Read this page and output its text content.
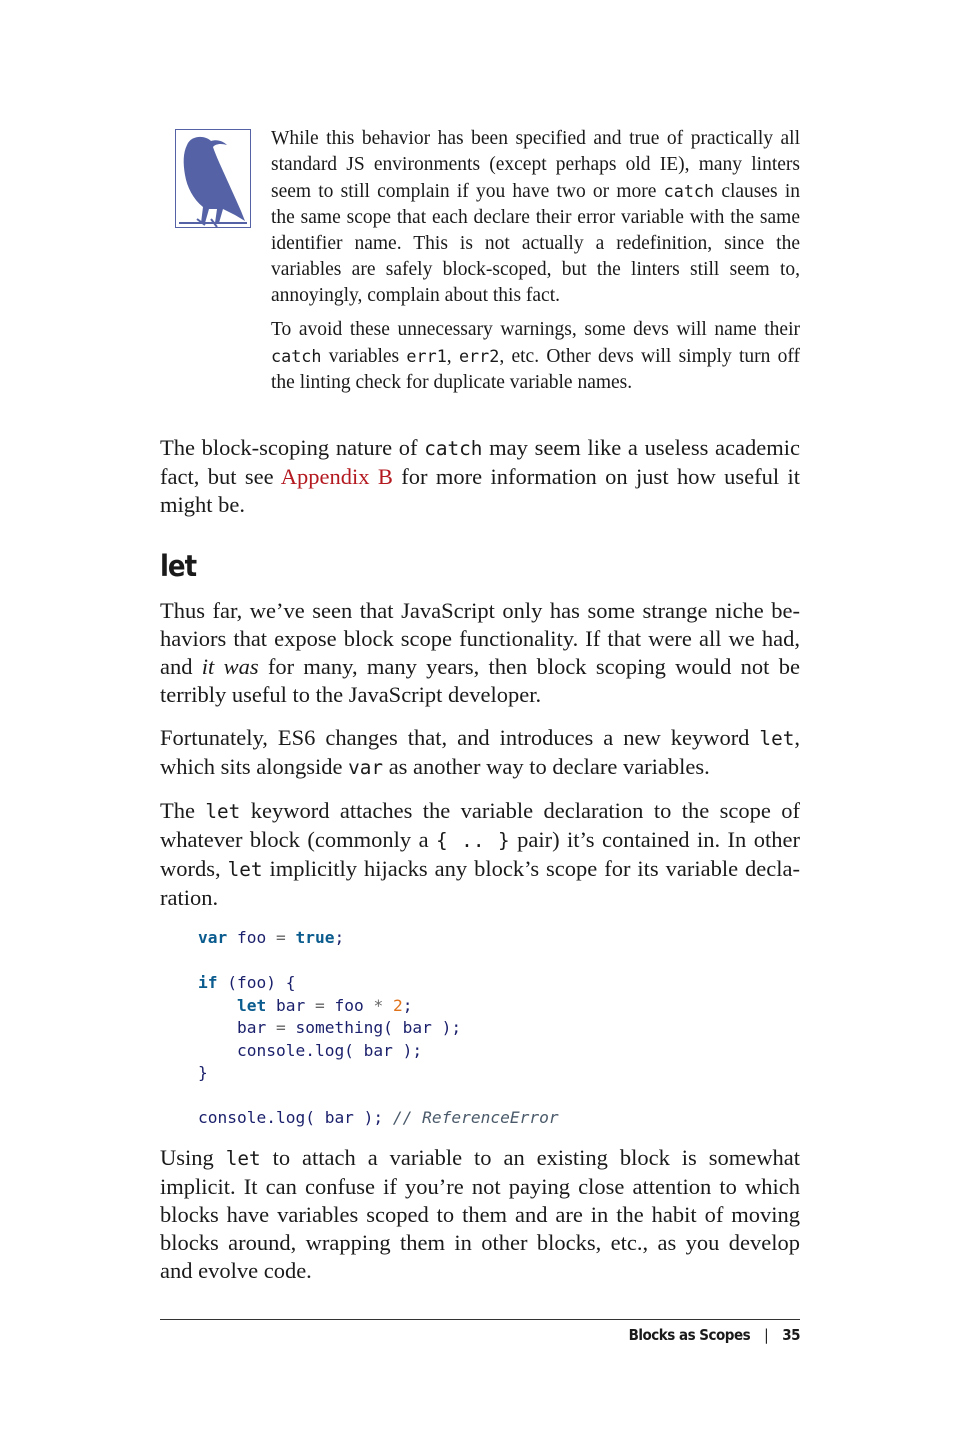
While this behavior has been specified and true of practically all standard JS environments (except perhaps old IE), many linters seem to still complain if you have two or more catch clauses in the same scope that each declare their error variable with the same identifier name. This is not actually a redefinition, since the variables are safely block-scoped, but the linters still seem to, annoyingly, complain about this fact.

To avoid these unnecessary warnings, some devs will name their catch variables err1, err2, etc. Other devs will simply turn off the linting check for duplicate variable names.

The block-scoping nature of catch may seem like a useless academic fact, but see Appendix B for more information on just how useful it might be.

let

Thus far, we’ve seen that JavaScript only has some strange niche behaviors that expose block scope functionality. If that were all we had, and it was for many, many years, then block scoping would not be terribly useful to the JavaScript developer.

Fortunately, ES6 changes that, and introduces a new keyword let, which sits alongside var as another way to declare variables.

The let keyword attaches the variable declaration to the scope of whatever block (commonly a { .. } pair) it’s contained in. In other words, let implicitly hijacks any block’s scope for its variable declaration.

var foo = true;

if (foo) {
let bar = foo * 2;
bar = something( bar );
console.log( bar );
}

console.log( bar ); // ReferenceError

Using let to attach a variable to an existing block is somewhat implicit. It can confuse if you’re not paying close attention to which blocks have variables scoped to them and are in the habit of moving blocks around, wrapping them in other blocks, etc., as you develop and evolve code.

Blocks as Scopes | 35
